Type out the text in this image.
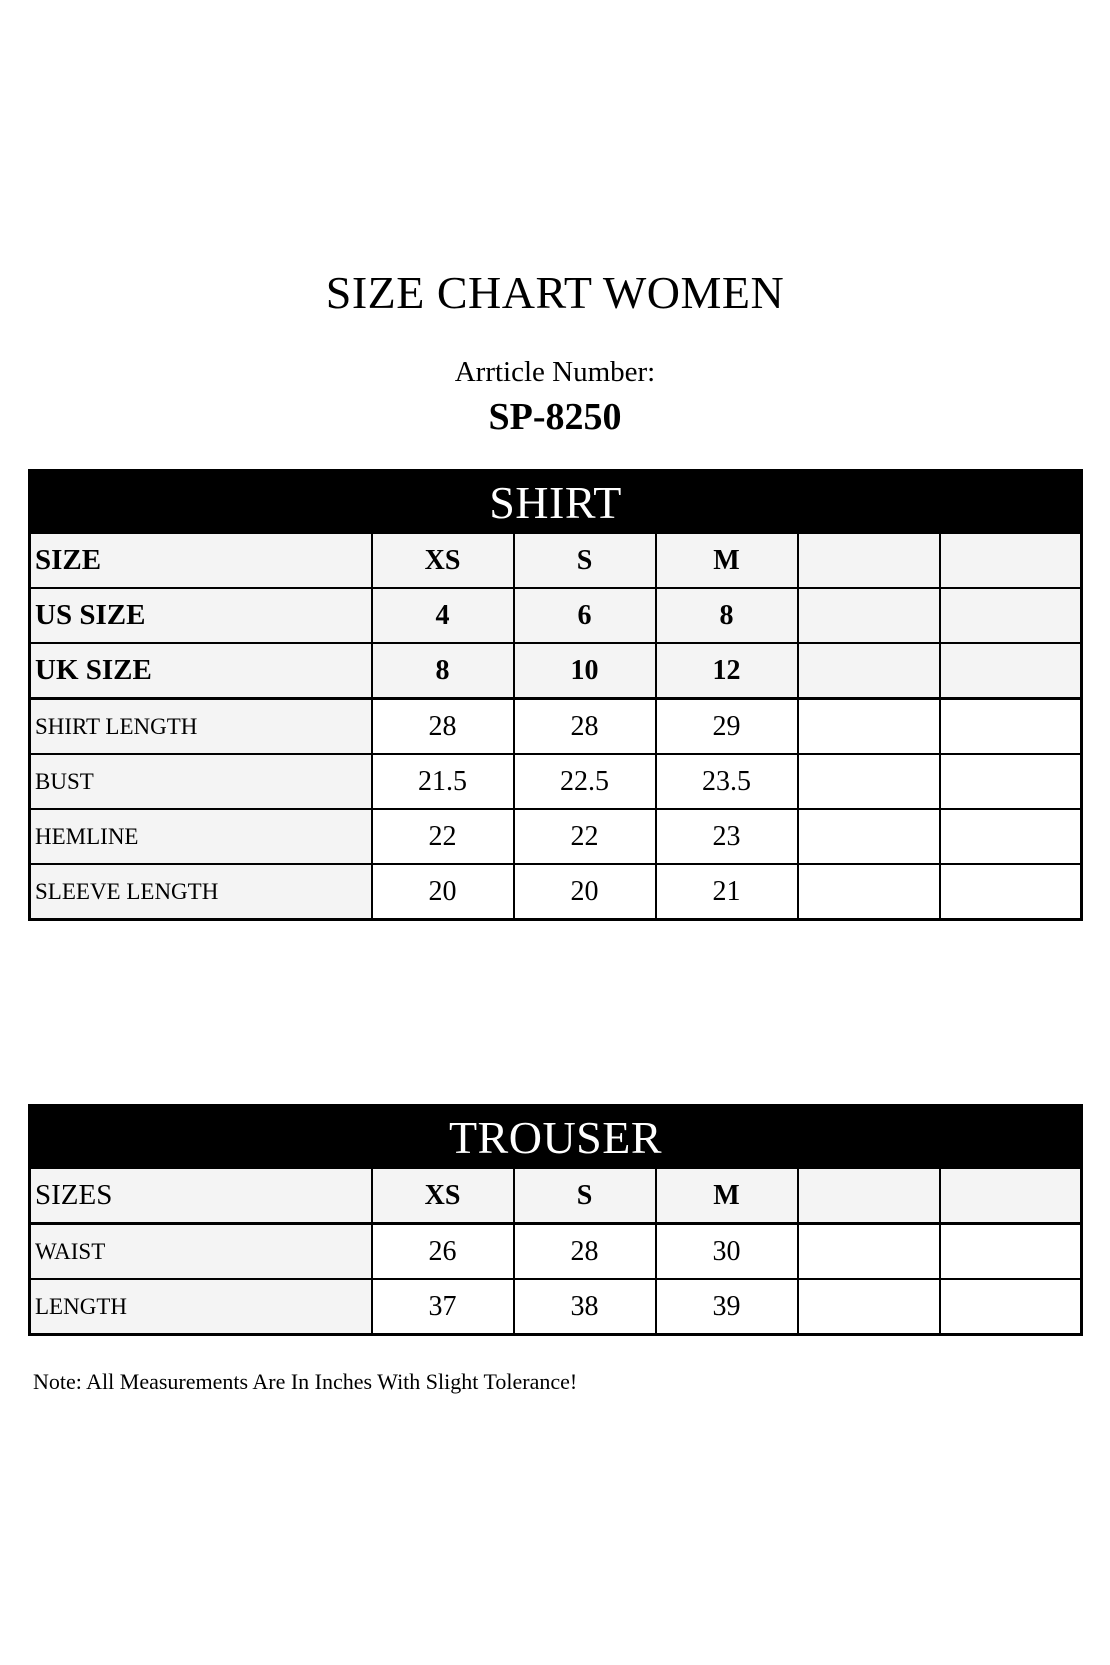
SIZE CHART WOMEN
Arrticle Number:
SP-8250
SHIRT					
SIZE	XS	S	M		
US SIZE	4	6	8		
UK SIZE	8	10	12		
SHIRT LENGTH	28	28	29		
BUST	21.5	22.5	23.5		
HEMLINE	22	22	23		
SLEEVE LENGTH	20	20	21		
TROUSER					
SIZES	XS	S	M		
WAIST	26	28	30		
LENGTH	37	38	39		
Note: All Measurements Are In Inches With Slight Tolerance!
